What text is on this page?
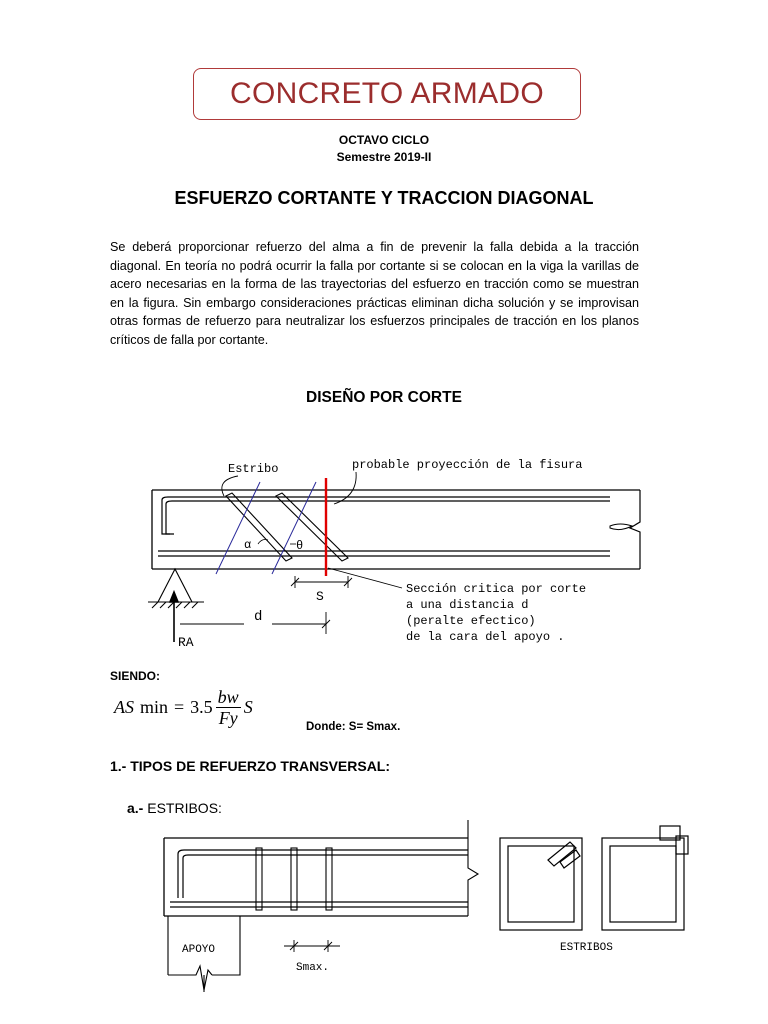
CONCRETO ARMADO
OCTAVO CICLO
Semestre 2019-II
ESFUERZO CORTANTE Y TRACCION DIAGONAL
Se deberá proporcionar refuerzo del alma a fin de prevenir la falla debida a la tracción diagonal. En teoría no podrá ocurrir la falla por cortante si se colocan en la viga la varillas de acero necesarias en la forma de las trayectorias del esfuerzo en tracción como se muestran en la figura. Sin embargo consideraciones prácticas eliminan dicha solución y se improvisan otras formas de refuerzo para neutralizar los esfuerzos principales de tracción en los planos críticos de falla por cortante.
DISEÑO POR CORTE
α	θ
Estribo	probable proyección de la fisura
RA
S
d
Sección critica por corte
a una distancia d
(peralte efectico)
de la cara del apoyo .
SIENDO:
AS $\min = 3.5 \frac{bw}{Fy}$ S
Donde: S= Smax.
1.- TIPOS DE REFUERZO TRANSVERSAL:
a.- ESTRIBOS:
APOYO
Smax.
ESTRIBOS
